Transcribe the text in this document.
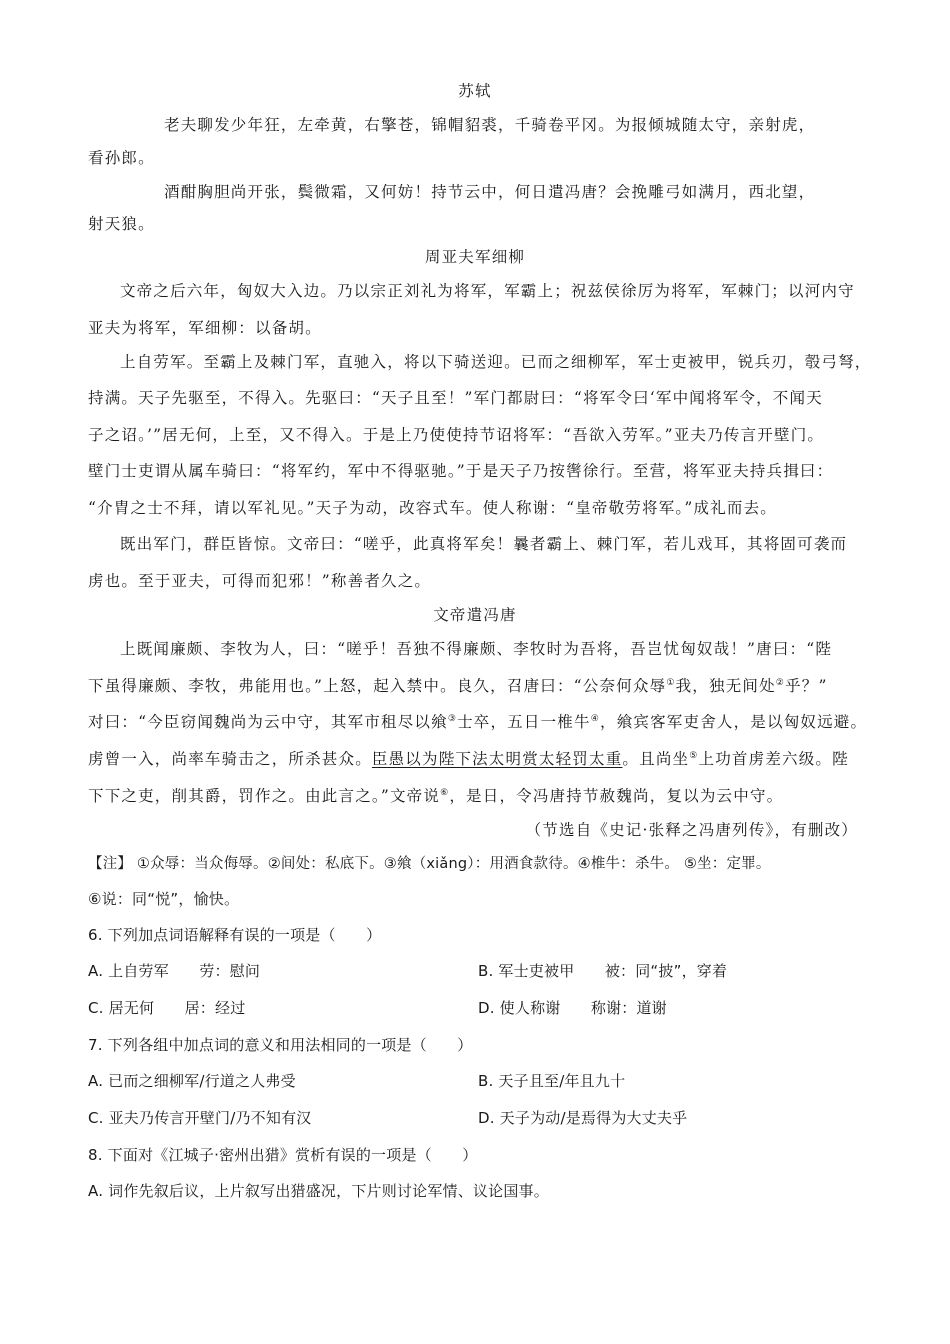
苏轼
老夫聊发少年狂，左牵黄，右擎苍，锦帽貂裘，千骑卷平冈。为报倾城随太守，亲射虎，
看孙郎。
酒酣胸胆尚开张，鬓微霜，又何妨！持节云中，何日遣冯唐？会挽雕弓如满月，西北望，
射天狼。
周亚夫军细柳
文帝之后六年，匈奴大入边。乃以宗正刘礼为将军，军霸上；祝兹侯徐厉为将军，军棘门；以河内守
亚夫为将军，军细柳：以备胡。
上自劳军。至霸上及棘门军，直驰入，将以下骑送迎。已而之细柳军，军士吏被甲，锐兵刃，彀弓弩，
持满。天子先驱至，不得入。先驱曰：“天子且至！”军门都尉曰：“将军令曰‘军中闻将军令，不闻天
子之诏。’”居无何，上至，又不得入。于是上乃使使持节诏将军：“吾欲入劳军。”亚夫乃传言开壁门。
壁门士吏谓从属车骑曰：“将军约，军中不得驱驰。”于是天子乃按辔徐行。至营，将军亚夫持兵揖曰：
“介胄之士不拜，请以军礼见。”天子为动，改容式车。使人称谢：“皇帝敬劳将军。”成礼而去。
既出军门，群臣皆惊。文帝曰：“嗟乎，此真将军矣！曩者霸上、棘门军，若儿戏耳，其将固可袭而
虏也。至于亚夫，可得而犯邪！”称善者久之。
文帝遣冯唐
上既闻廉颇、李牧为人，曰：“嗟乎！吾独不得廉颇、李牧时为吾将，吾岂忧匈奴哉！”唐曰：“陛
下虽得廉颇、李牧，弗能用也。”上怒，起入禁中。良久，召唐曰：“公奈何众辱①我，独无间处②乎？”
对曰：“今臣窃闻魏尚为云中守，其军市租尽以飨③士卒，五日一椎牛④，飨宾客军吏舍人，是以匈奴远避。
虏曾一入，尚率车骑击之，所杀甚众。臣愚以为陛下法太明赏太轻罚太重。且尚坐⑤上功首虏差六级。陛
下下之吏，削其爵，罚作之。由此言之。”文帝说⑥，是日，令冯唐持节赦魏尚，复以为云中守。
（节选自《史记·张释之冯唐列传》，有删改）
【注】 ①众辱：当众侮辱。②间处：私底下。③飨（xiǎng）：用酒食款待。④椎牛：杀牛。 ⑤坐：定罪。
⑥说：同“悦”，愉快。
6. 下列加点词语解释有误的一项是（　　）
A. 上自劳军　　劳：慰问	B. 军士吏被甲　　被：同“披”，穿着
C. 居无何　　居：经过	D. 使人称谢　　称谢：道谢
7. 下列各组中加点词的意义和用法相同的一项是（　　）
A. 已而之细柳军/行道之人弗受	B. 天子且至/年且九十
C. 亚夫乃传言开壁门/乃不知有汉	D. 天子为动/是焉得为大丈夫乎
8. 下面对《江城子·密州出猎》赏析有误的一项是（　　）
A. 词作先叙后议，上片叙写出猎盛况，下片则讨论军情、议论国事。
